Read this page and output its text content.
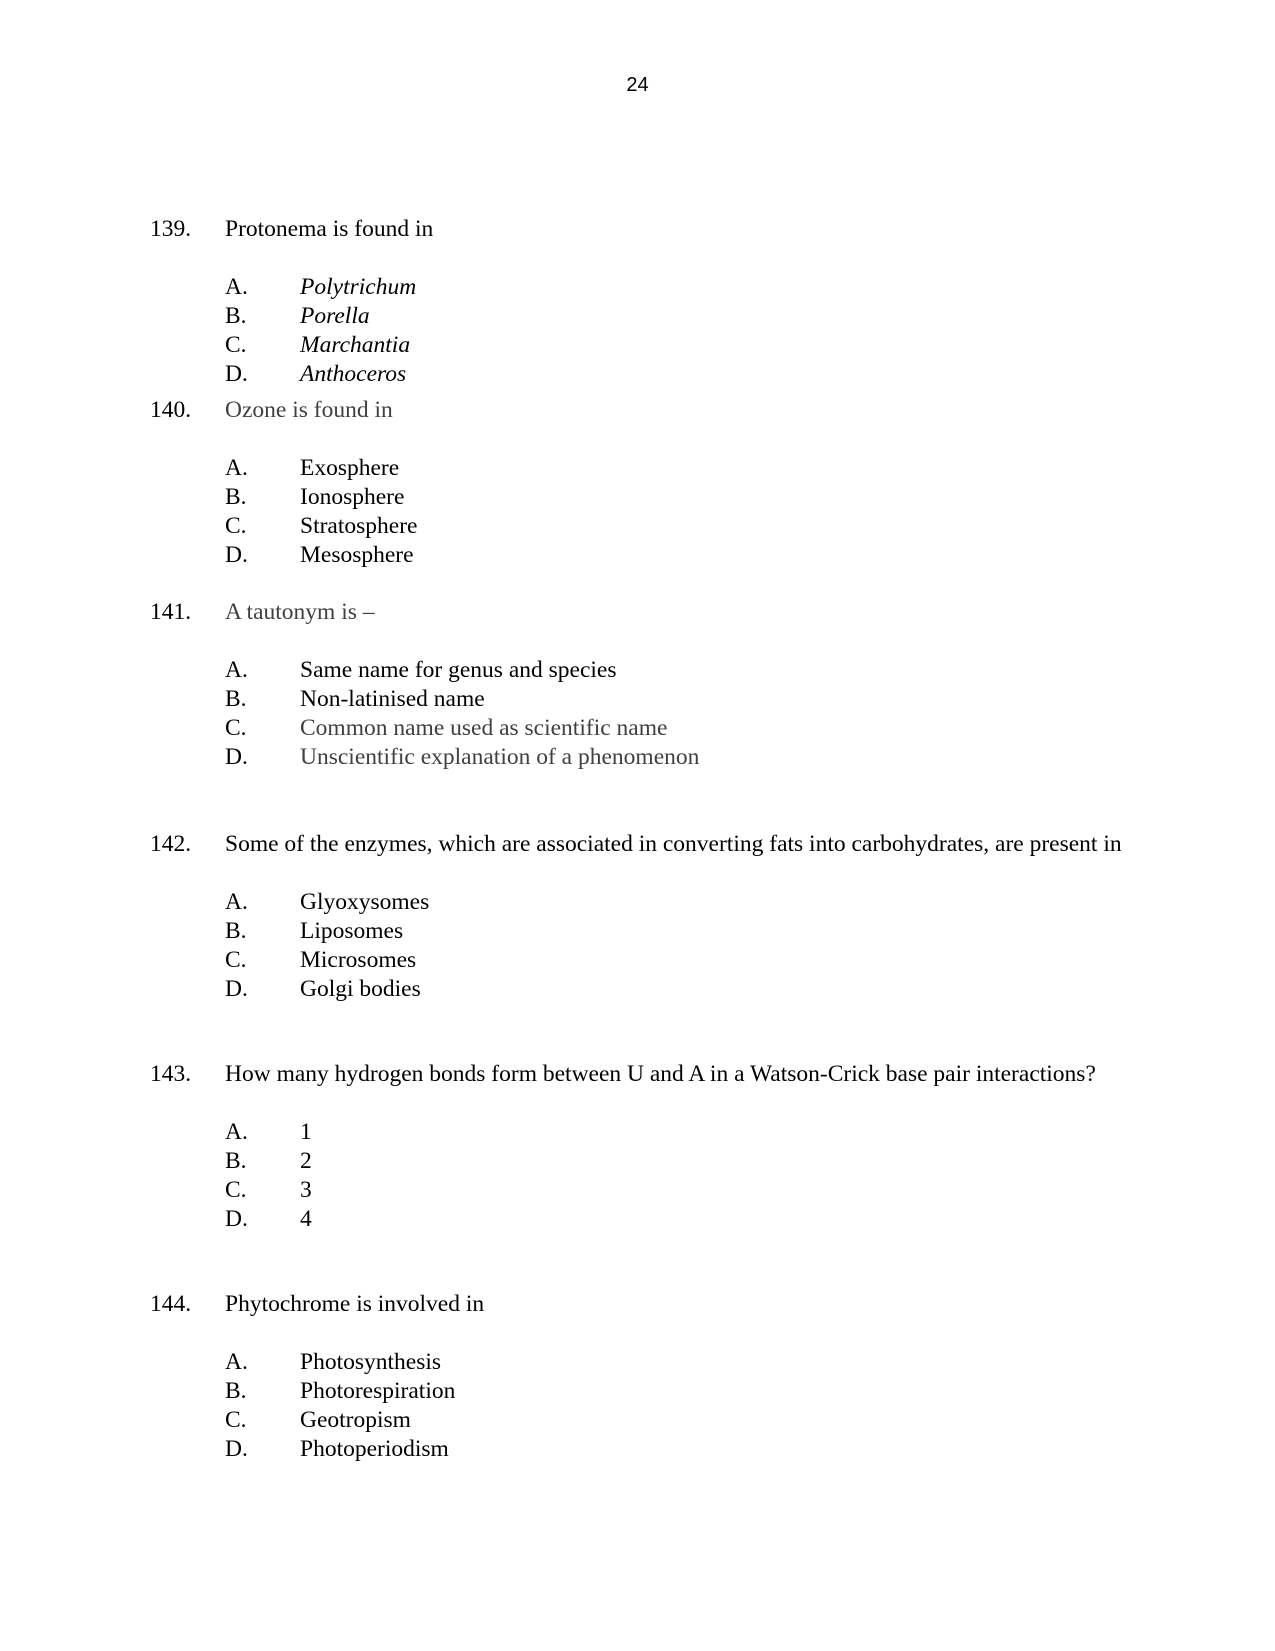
24
139.	Protonema is found in
A.	Polytrichum
B.	Porella
C.	Marchantia
D.	Anthoceros
140.	Ozone is found in
A.	Exosphere
B.	Ionosphere
C.	Stratosphere
D.	Mesosphere
141.	A tautonym is –
A.	Same name for genus and species
B.	Non-latinised name
C.	Common name used as scientific name
D.	Unscientific explanation of a phenomenon
142.	Some of the enzymes, which are associated in converting fats into carbohydrates, are present in
A.	Glyoxysomes
B.	Liposomes
C.	Microsomes
D.	Golgi bodies
143.	How many hydrogen bonds form between U and A in a Watson-Crick base pair interactions?
A.	1
B.	2
C.	3
D.	4
144.	Phytochrome is involved in
A.	Photosynthesis
B.	Photorespiration
C.	Geotropism
D.	Photoperiodism
